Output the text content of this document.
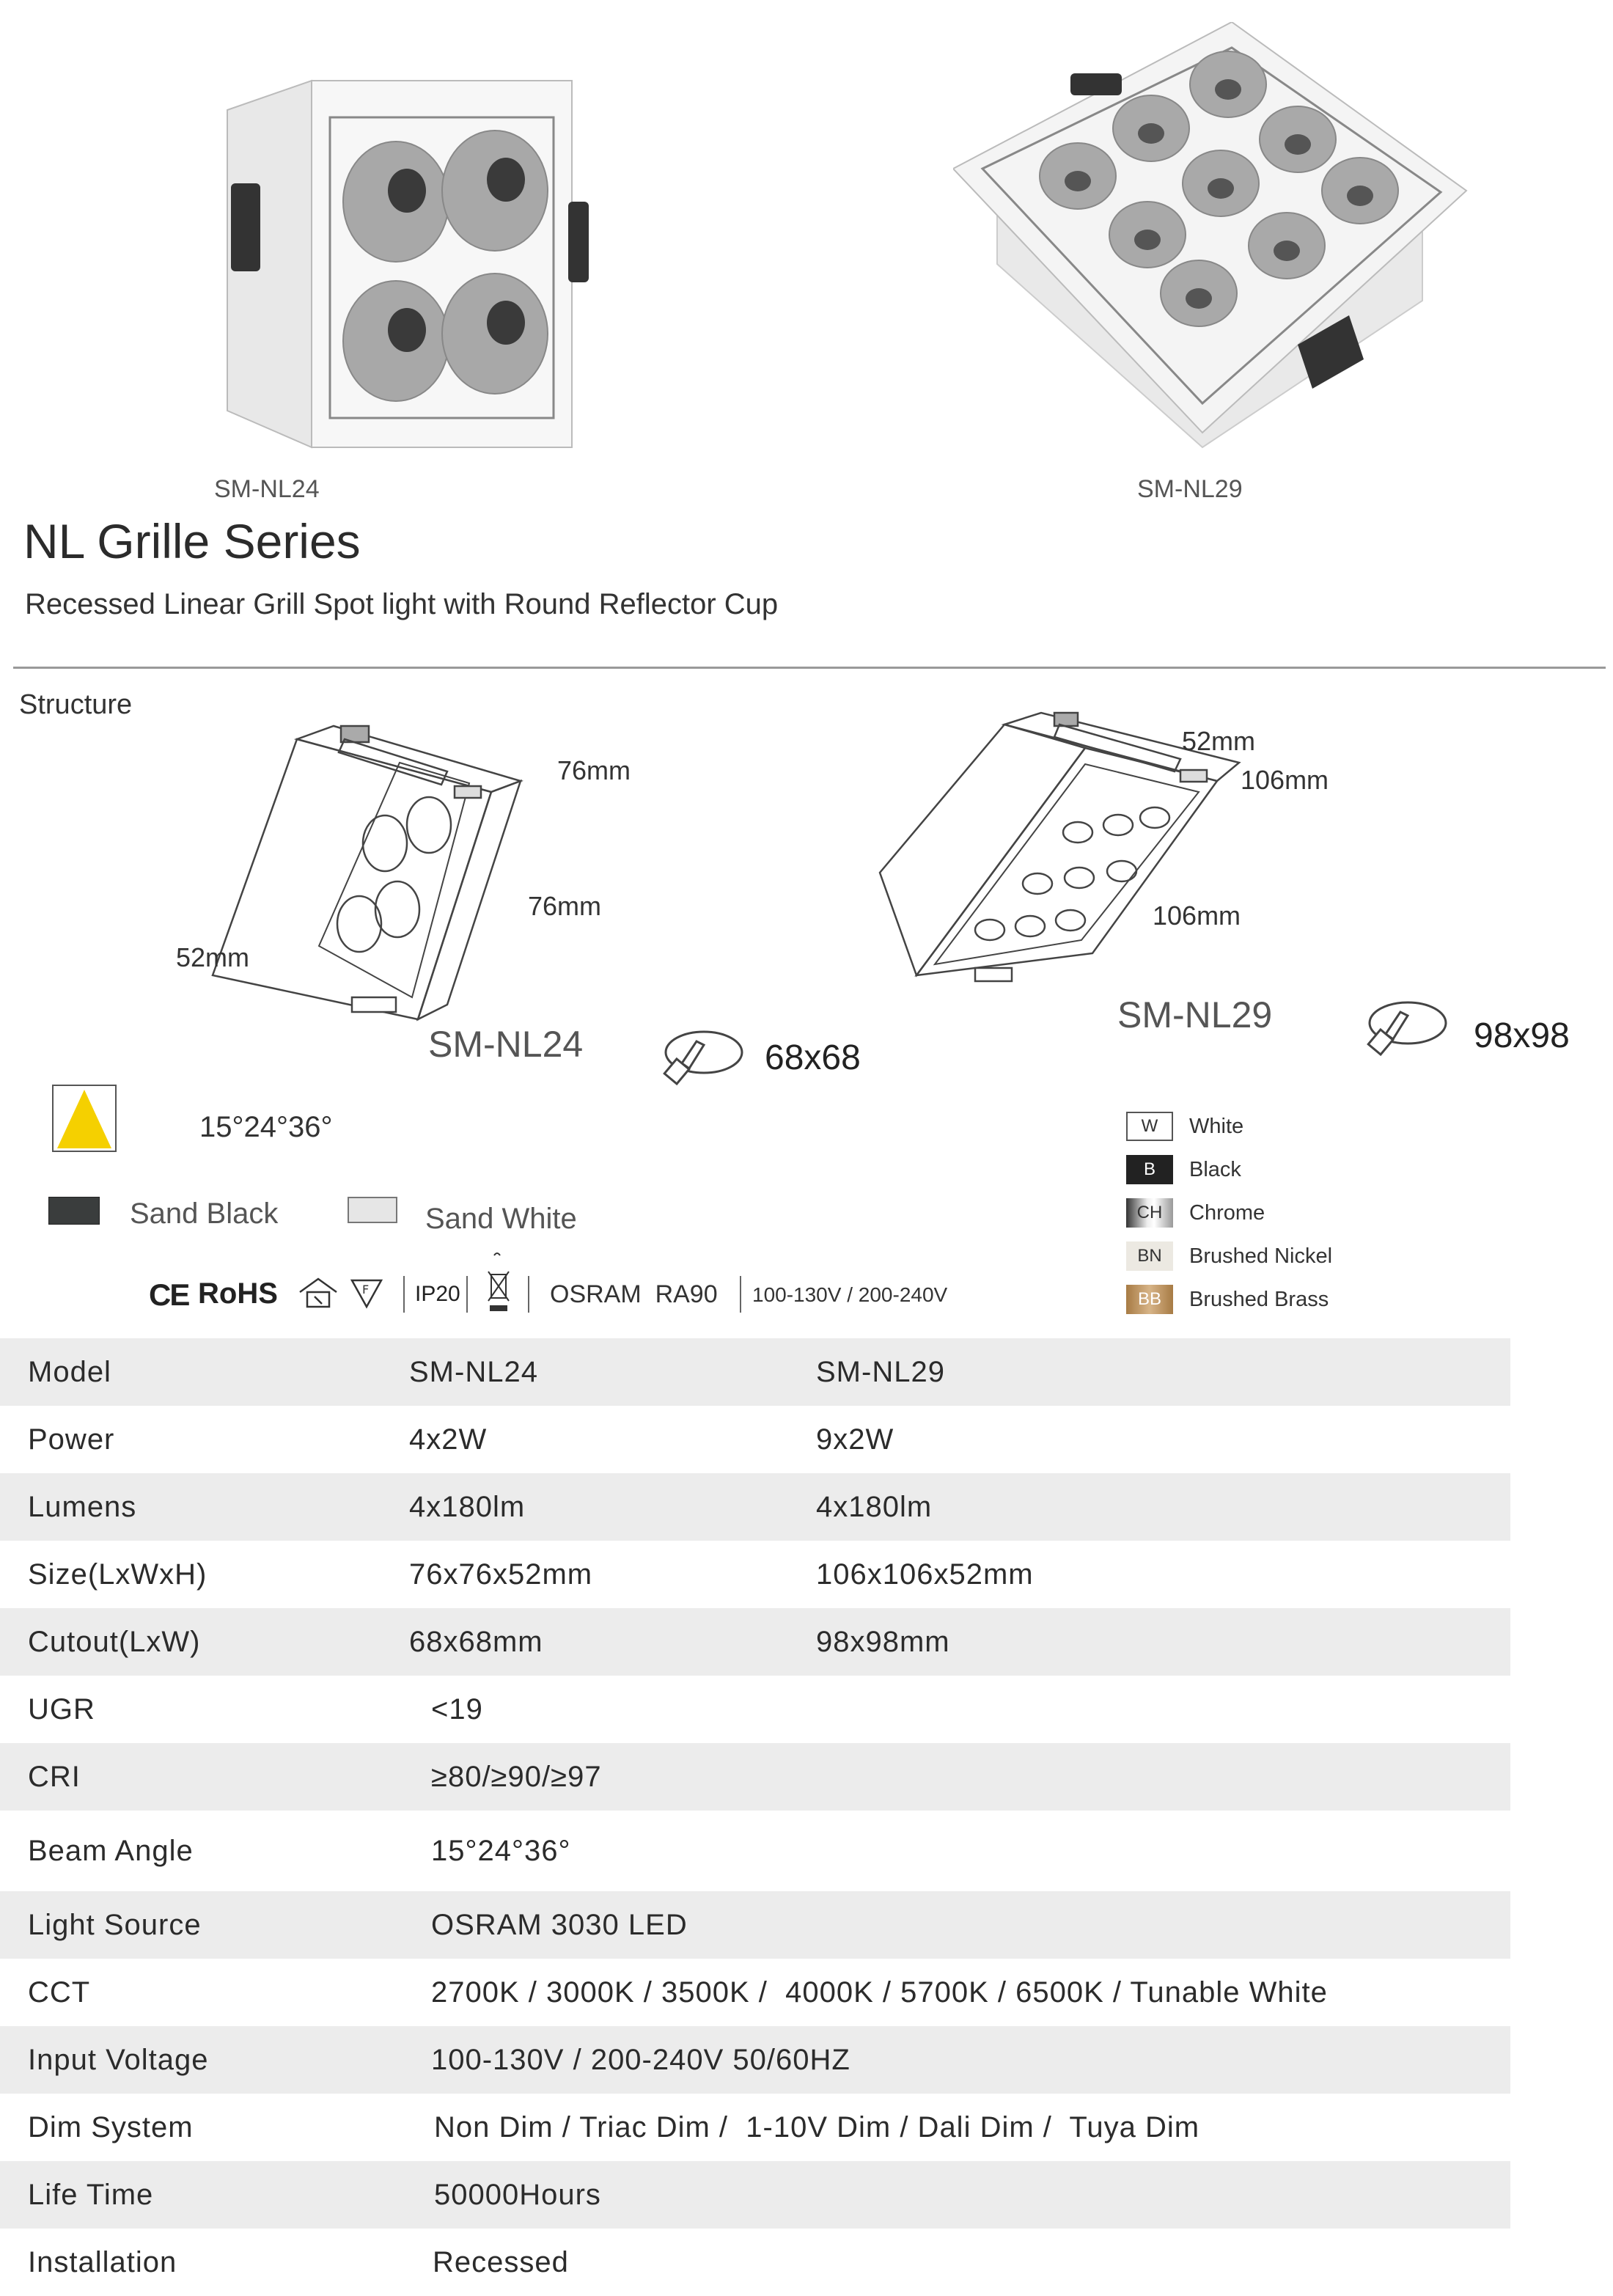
SM-NL24	SM-NL29
NL Grille Series
Recessed Linear Grill Spot light with Round Reflector Cup
Structure
76mm
76mm
52mm
SM-NL24	68x68
52mm
106mm
106mm
SM-NL29
98x98
15°24°36°
Sand Black	Sand White
CE RoHS	F IP20	OSRAM  RA90 100-130V / 200-240V
W	White
B	Black
CH	Chrome
BN	Brushed Nickel
BB	Brushed Brass
Model	SM-NL24	SM-NL29
Power	4x2W	9x2W
Lumens	4x180lm	4x180lm
Size(LxWxH)	76x76x52mm	106x106x52mm
Cutout(LxW)	68x68mm	98x98mm
UGR	<19	
CRI	≥80/≥90/≥97	
Beam Angle	15°24°36°	
Light Source	OSRAM 3030 LED	
CCT	2700K / 3000K / 3500K /  4000K / 5700K / 6500K / Tunable White	
Input Voltage	100-130V / 200-240V 50/60HZ	
Dim System	Non Dim / Triac Dim /  1-10V Dim / Dali Dim /  Tuya Dim	
Life Time	50000Hours	
Installation	Recessed	
